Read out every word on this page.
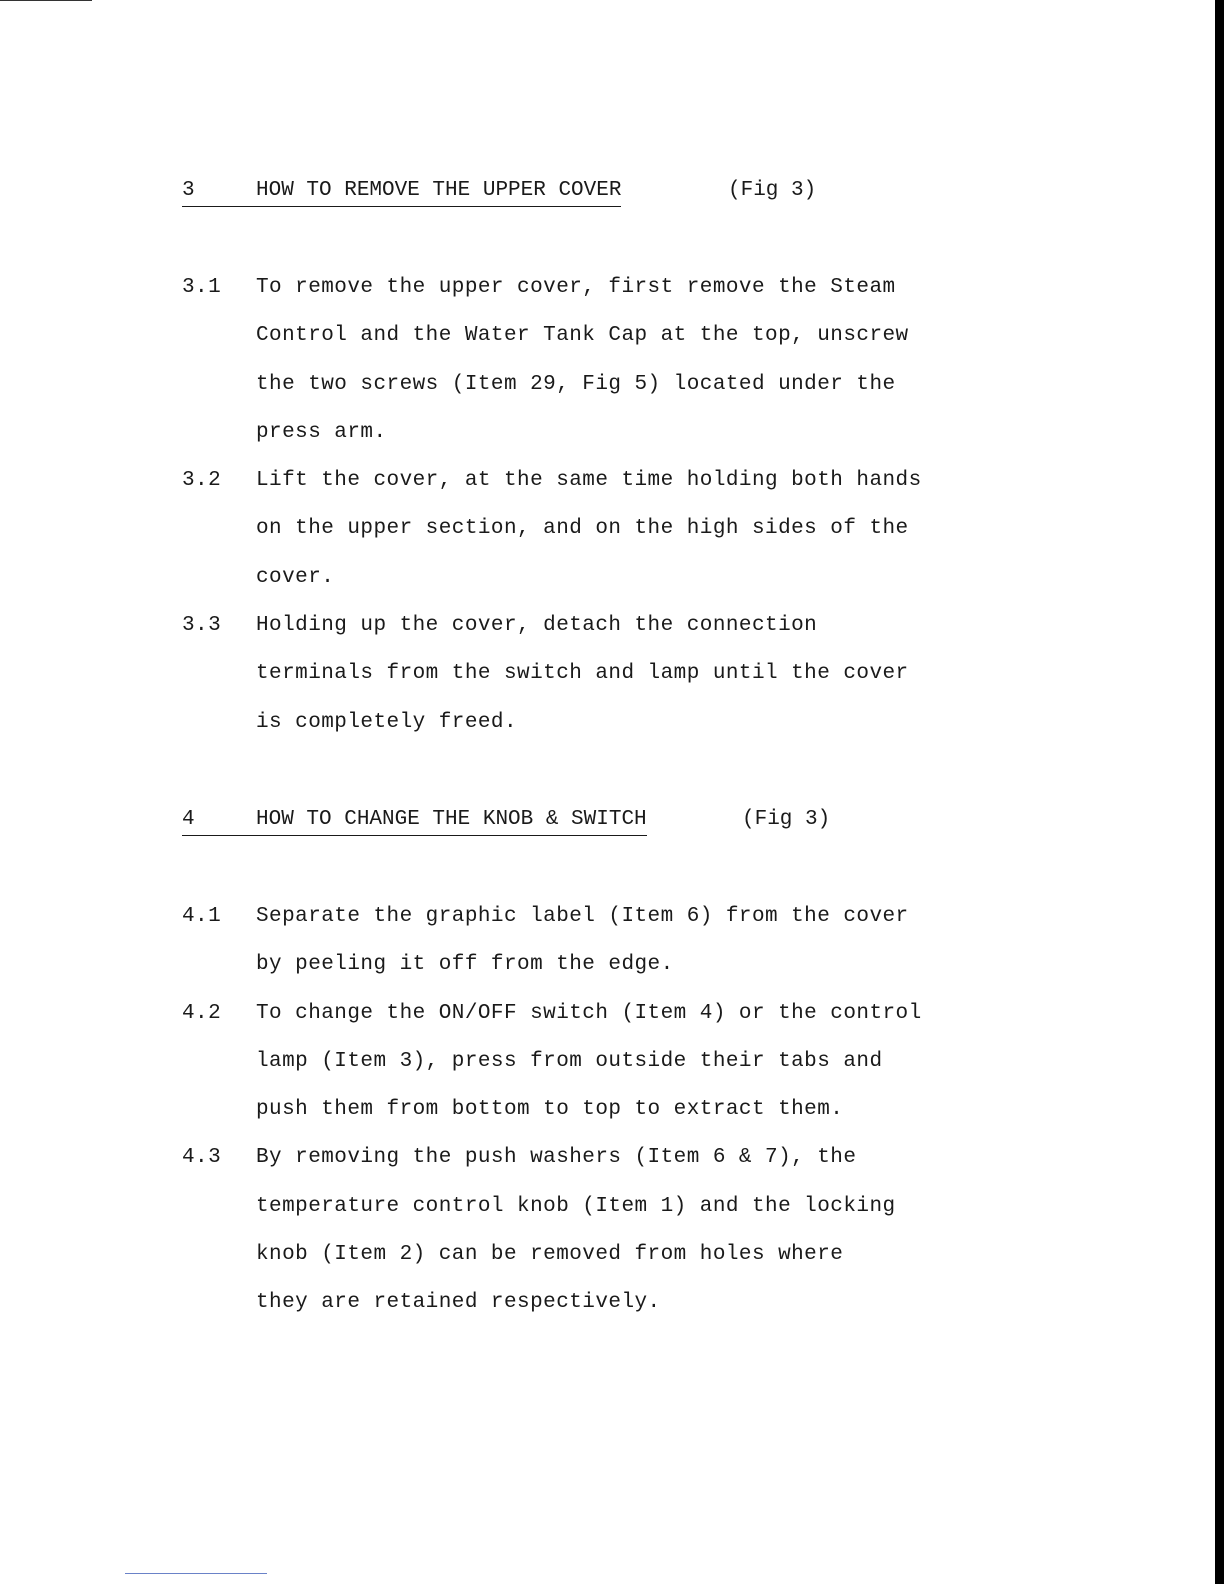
3	HOW TO REMOVE THE UPPER COVER	(Fig 3)
3.1	To remove the upper cover, first remove the Steam
Control and the Water Tank Cap at the top, unscrew
the two screws (Item 29, Fig 5) located under the
press arm.
3.2	Lift the cover, at the same time holding both hands
on the upper section, and on the high sides of the
cover.
3.3	Holding up the cover, detach the connection
terminals from the switch and lamp until the cover
is completely freed.
4	HOW TO CHANGE THE KNOB & SWITCH	(Fig 3)
4.1	Separate the graphic label (Item 6) from the cover
by peeling it off from the edge.
4.2	To change the ON/OFF switch (Item 4) or the control
lamp (Item 3), press from outside their tabs and
push them from bottom to top to extract them.
4.3	By removing the push washers (Item 6 & 7), the
temperature control knob (Item 1) and the locking
knob (Item 2) can be removed from holes where
they are retained respectively.
